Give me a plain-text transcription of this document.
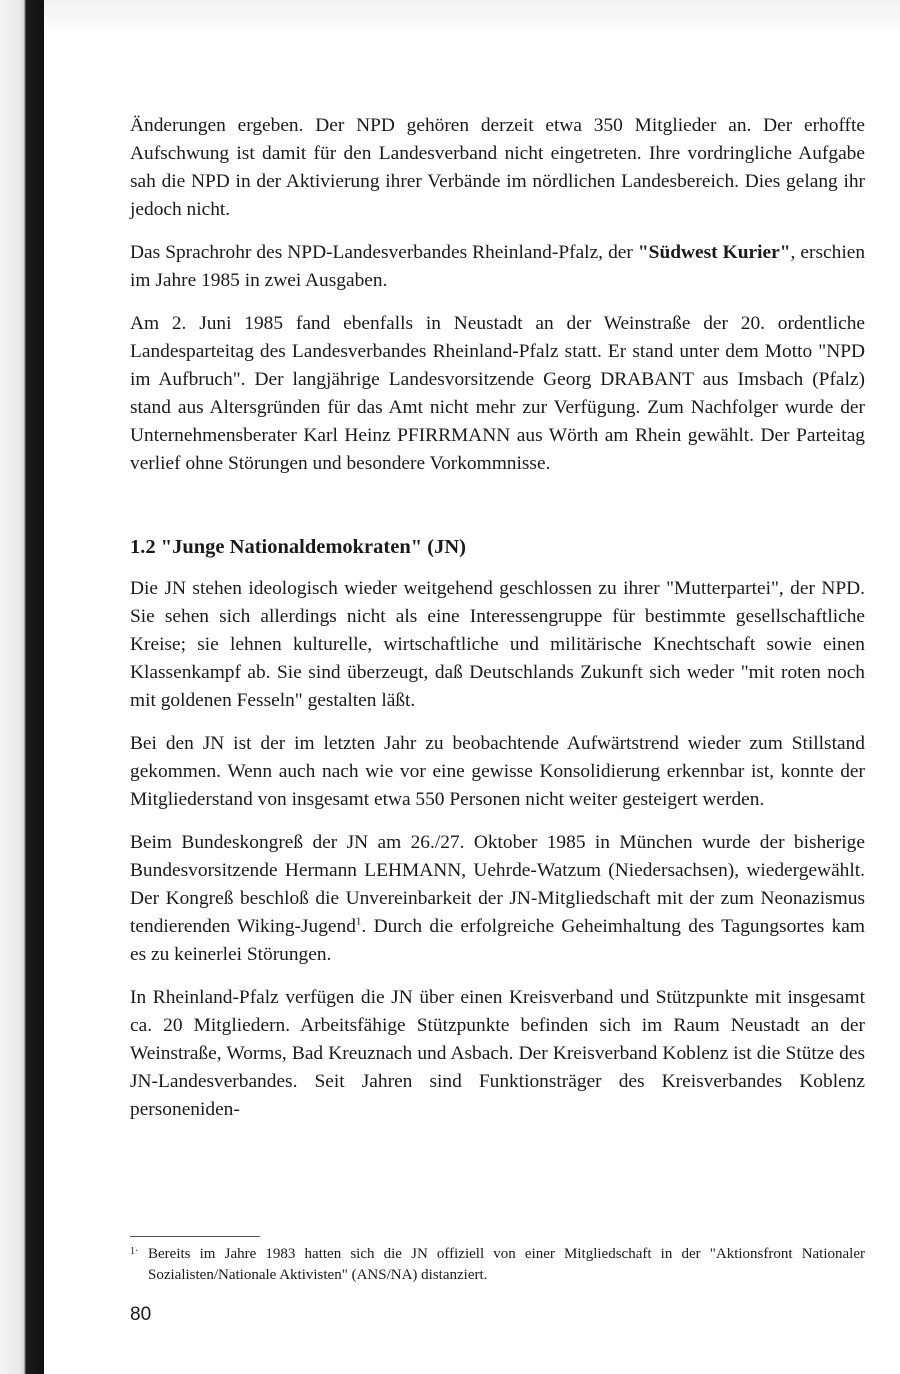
Änderungen ergeben. Der NPD gehören derzeit etwa 350 Mitglieder an. Der erhoffte Aufschwung ist damit für den Landesverband nicht eingetreten. Ihre vordringliche Aufgabe sah die NPD in der Aktivierung ihrer Verbände im nördlichen Landesbereich. Dies gelang ihr jedoch nicht.

Das Sprachrohr des NPD-Landesverbandes Rheinland-Pfalz, der "Südwest Kurier", erschien im Jahre 1985 in zwei Ausgaben.

Am 2. Juni 1985 fand ebenfalls in Neustadt an der Weinstraße der 20. ordentliche Landesparteitag des Landesverbandes Rheinland-Pfalz statt. Er stand unter dem Motto "NPD im Aufbruch". Der langjährige Landesvorsitzende Georg DRABANT aus Imsbach (Pfalz) stand aus Altersgründen für das Amt nicht mehr zur Verfügung. Zum Nachfolger wurde der Unternehmensberater Karl Heinz PFIRRMANN aus Wörth am Rhein gewählt. Der Parteitag verlief ohne Störungen und besondere Vorkommnisse.

1.2 "Junge Nationaldemokraten" (JN)

Die JN stehen ideologisch wieder weitgehend geschlossen zu ihrer "Mutterpartei", der NPD. Sie sehen sich allerdings nicht als eine Interessengruppe für bestimmte gesellschaftliche Kreise; sie lehnen kulturelle, wirtschaftliche und militärische Knechtschaft sowie einen Klassenkampf ab. Sie sind überzeugt, daß Deutschlands Zukunft sich weder "mit roten noch mit goldenen Fesseln" gestalten läßt.

Bei den JN ist der im letzten Jahr zu beobachtende Aufwärtstrend wieder zum Stillstand gekommen. Wenn auch nach wie vor eine gewisse Konsolidierung erkennbar ist, konnte der Mitgliederstand von insgesamt etwa 550 Personen nicht weiter gesteigert werden.

Beim Bundeskongreß der JN am 26./27. Oktober 1985 in München wurde der bisherige Bundesvorsitzende Hermann LEHMANN, Uehrde-Watzum (Niedersachsen), wiedergewählt. Der Kongreß beschloß die Unvereinbarkeit der JN-Mitgliedschaft mit der zum Neonazismus tendierenden Wiking-Jugend$^1$. Durch die erfolgreiche Geheimhaltung des Tagungsortes kam es zu keinerlei Störungen.

In Rheinland-Pfalz verfügen die JN über einen Kreisverband und Stützpunkte mit insgesamt ca. 20 Mitgliedern. Arbeitsfähige Stützpunkte befinden sich im Raum Neustadt an der Weinstraße, Worms, Bad Kreuznach und Asbach. Der Kreisverband Koblenz ist die Stütze des JN-Landesverbandes. Seit Jahren sind Funktionsträger des Kreisverbandes Koblenz personeniden-

1· Bereits im Jahre 1983 hatten sich die JN offiziell von einer Mitgliedschaft in der "Aktionsfront Nationaler Sozialisten/Nationale Aktivisten" (ANS/NA) distanziert.
80
